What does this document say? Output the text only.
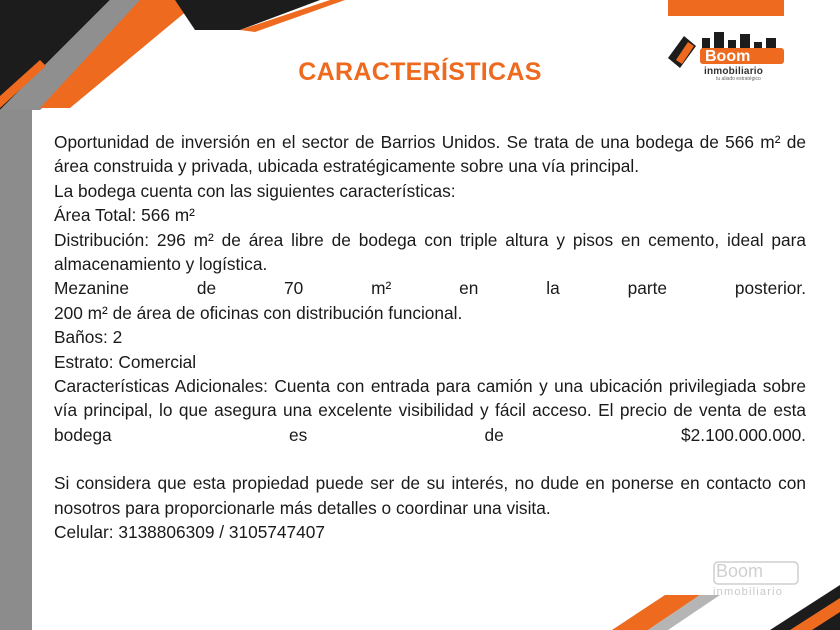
CARACTERÍSTICAS	inmobiliario
tu aliado estratégico
Boom

Oportunidad de inversión en el sector de Barrios Unidos. Se trata de una bodega de 566 m² de área construida y privada, ubicada estratégicamente sobre una vía principal.

La bodega cuenta con las siguientes características:

Área Total: 566 m²

Distribución: 296 m² de área libre de bodega con triple altura y pisos en cemento, ideal para almacenamiento y logística.

Mezanine de 70 m² en la parte posterior.

200 m² de área de oficinas con distribución funcional.

Baños: 2

Estrato: Comercial

Características Adicionales: Cuenta con entrada para camión y una ubicación privilegiada sobre vía principal, lo que asegura una excelente visibilidad y fácil acceso. El precio de venta de esta bodega es de $2.100.000.000.

Si considera que esta propiedad puede ser de su interés, no dude en ponerse en contacto con nosotros para proporcionarle más detalles o coordinar una visita.

Celular: 3138806309 / 3105747407

Boom
inmobiliario
